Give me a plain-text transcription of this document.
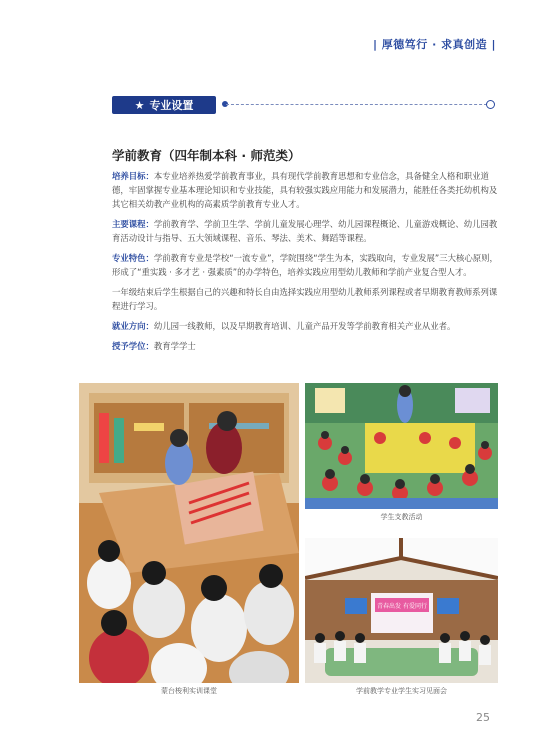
| 厚德笃行 · 求真创造 |
★ 专业设置
学前教育（四年制本科 · 师范类）

培养目标：本专业培养热爱学前教育事业，具有现代学前教育思想和专业信念，具备健全人格和职业道德，牢固掌握专业基本理论知识和专业技能，具有较强实践应用能力和发展潜力，能胜任各类托幼机构及其它相关幼教产业机构的高素质学前教育专业人才。

主要课程：学前教育学、学前卫生学、学前儿童发展心理学、幼儿园课程概论、儿童游戏概论、幼儿园教育活动设计与指导、五大领域课程、音乐、琴法、美术、舞蹈等课程。

专业特色：学前教育专业是学校“一流专业”，学院围绕“学生为本，实践取向，专业发展”三大核心原则，形成了“重实践 · 多才艺 · 强素质”的办学特色，培养实践应用型幼儿教师和学前产业复合型人才。

一年级结束后学生根据自己的兴趣和特长自由选择实践应用型幼儿教师系列课程或者早期教育教师系列课程进行学习。

就业方向：幼儿园一线教师，以及早期教育培训、儿童产品开发等学前教育相关产业从业者。

授予学位：教育学学士

青春出发 有爱同行
蒙台梭利实训课堂
学生支教活动
学前教学专业学生实习见面会
25
